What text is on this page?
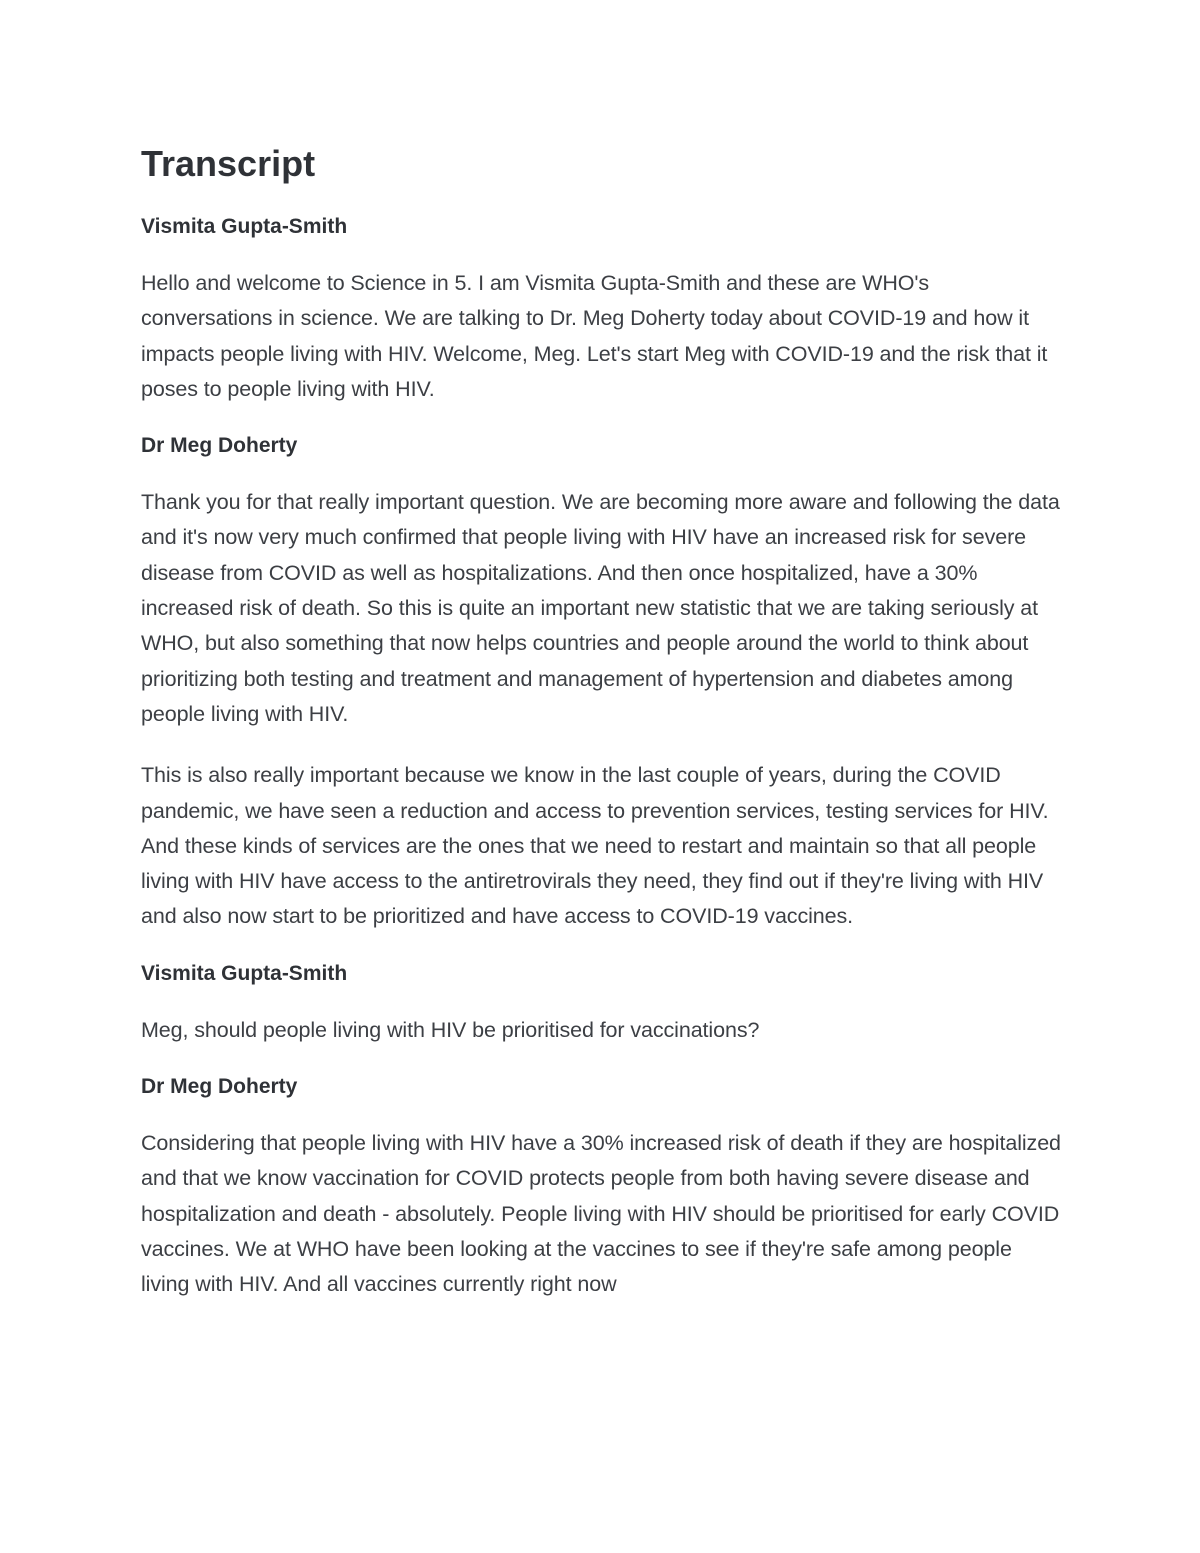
Transcript
Vismita Gupta-Smith

Hello and welcome to Science in 5. I am Vismita Gupta-Smith and these are WHO's conversations in science. We are talking to Dr. Meg Doherty today about COVID-19 and how it impacts people living with HIV. Welcome, Meg. Let's start Meg with COVID-19 and the risk that it poses to people living with HIV.

Dr Meg Doherty

Thank you for that really important question. We are becoming more aware and following the data and it's now very much confirmed that people living with HIV have an increased risk for severe disease from COVID as well as hospitalizations. And then once hospitalized, have a 30% increased risk of death. So this is quite an important new statistic that we are taking seriously at WHO, but also something that now helps countries and people around the world to think about prioritizing both testing and treatment and management of hypertension and diabetes among people living with HIV.

This is also really important because we know in the last couple of years, during the COVID pandemic, we have seen a reduction and access to prevention services, testing services for HIV. And these kinds of services are the ones that we need to restart and maintain so that all people living with HIV have access to the antiretrovirals they need, they find out if they're living with HIV and also now start to be prioritized and have access to COVID-19 vaccines.

Vismita Gupta-Smith

Meg, should people living with HIV be prioritised for vaccinations?

Dr Meg Doherty

Considering that people living with HIV have a 30% increased risk of death if they are hospitalized and that we know vaccination for COVID protects people from both having severe disease and hospitalization and death - absolutely. People living with HIV should be prioritised for early COVID vaccines. We at WHO have been looking at the vaccines to see if they're safe among people living with HIV. And all vaccines currently right now
